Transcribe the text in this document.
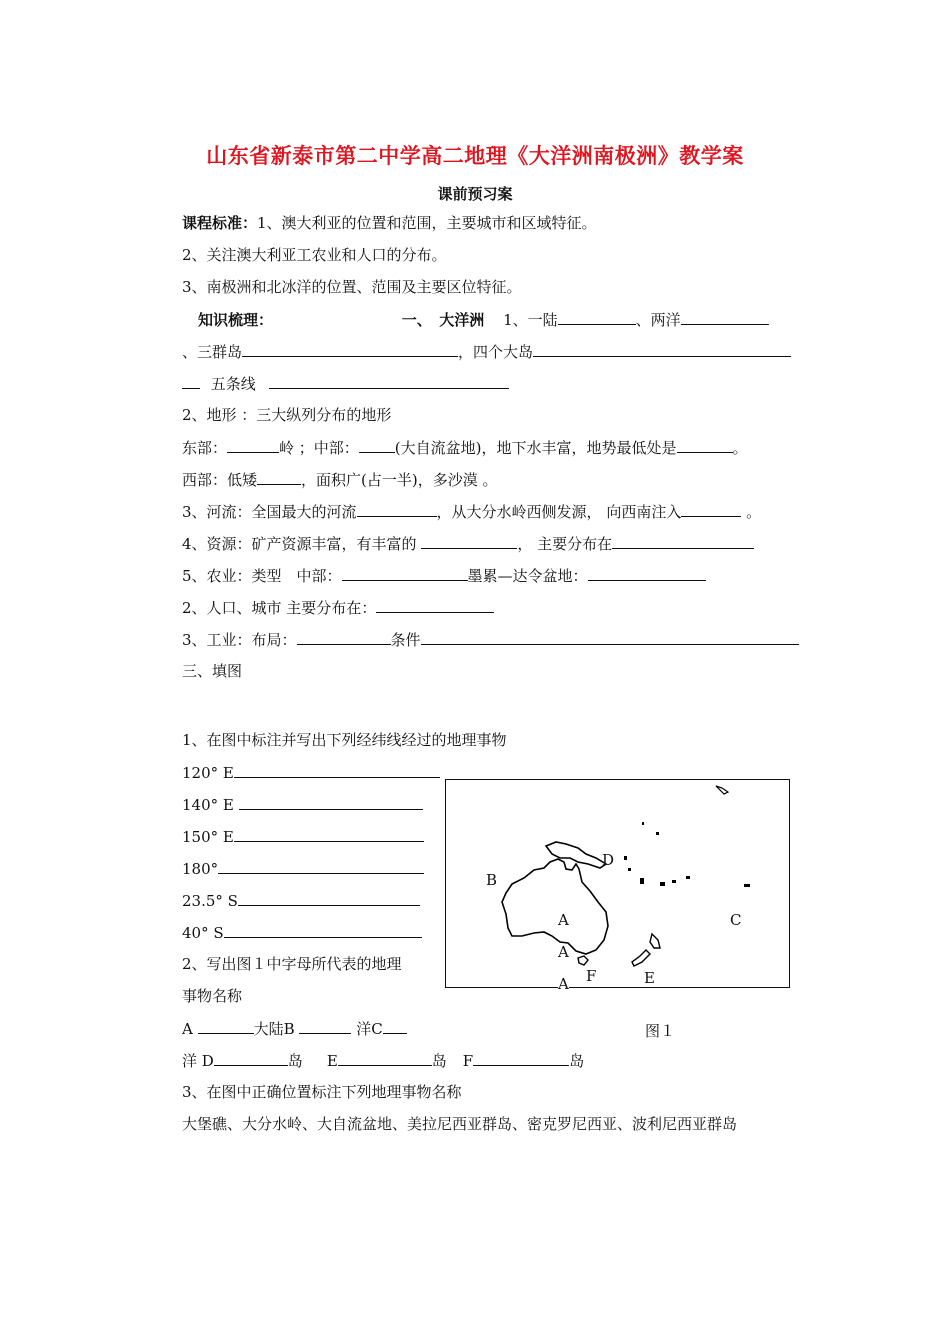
山东省新泰市第二中学高二地理《大洋洲南极洲》教学案
课前预习案
课程标准：1、澳大利亚的位置和范围，主要城市和区域特征。
2、关注澳大利亚工农业和人口的分布。
3、南极洲和北冰洋的位置、范围及主要区位特征。
知识梳理：	一、　大洋洲 1、一陆	、两洋
、三群岛	，四个大岛
五条线
2、地形 ：三大纵列分布的地形
东部：	岭 ；中部： (大自流盆地)，地下水丰富，地势最低处是	。
西部：低矮	，面积广(占一半)，多沙漠 。
3、河流：全国最大的河流	，从大分水岭西侧发源， 向西南注入	。
4、资源：矿产资源丰富，有丰富的	， 主要分布在
5、农业：类型　中部：	墨累—达令盆地：
2、人口、城市 主要分布在：
3、工业：布局：	条件
三、填图
1、在图中标注并写出下列经纬线经过的地理事物
120° E
140° E
150° E
180°
23.5° S
40° S
2、写出图１中字母所代表的地理
事物名称
A	大陆B	洋C
洋 D	岛 E	岛 F	岛
3、在图中正确位置标注下列地理事物名称
大堡礁、大分水岭、大自流盆地、美拉尼西亚群岛、密克罗尼西亚、波利尼西亚群岛
B
C
D
E
F
A
A
A
图１
